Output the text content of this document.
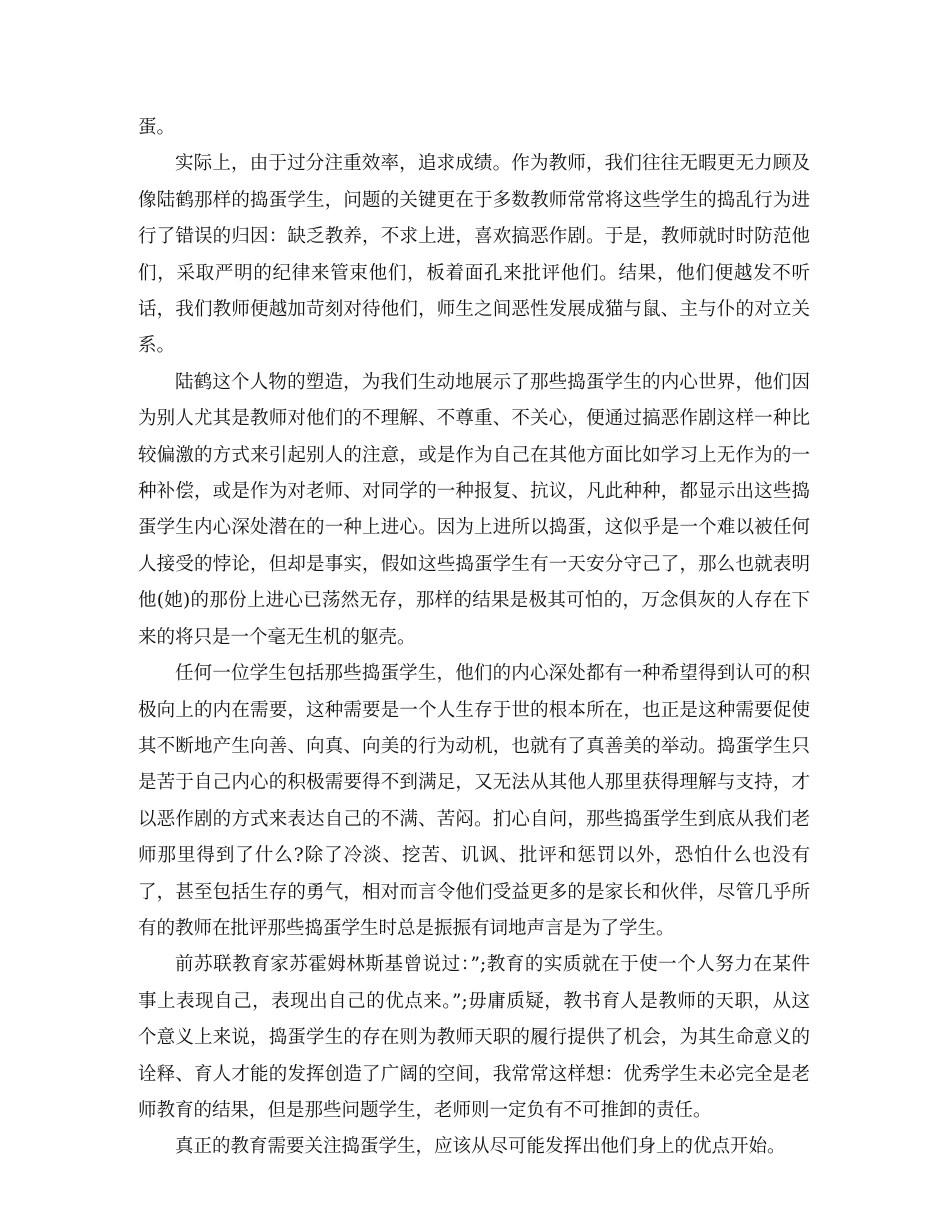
蛋。

实际上，由于过分注重效率，追求成绩。作为教师，我们往往无暇更无力顾及像陆鹤那样的捣蛋学生，问题的关键更在于多数教师常常将这些学生的捣乱行为进行了错误的归因：缺乏教养，不求上进，喜欢搞恶作剧。于是，教师就时时防范他们，采取严明的纪律来管束他们，板着面孔来批评他们。结果，他们便越发不听话，我们教师便越加苛刻对待他们，师生之间恶性发展成猫与鼠、主与仆的对立关系。

陆鹤这个人物的塑造，为我们生动地展示了那些捣蛋学生的内心世界，他们因为别人尤其是教师对他们的不理解、不尊重、不关心，便通过搞恶作剧这样一种比较偏激的方式来引起别人的注意，或是作为自己在其他方面比如学习上无作为的一种补偿，或是作为对老师、对同学的一种报复、抗议，凡此种种，都显示出这些捣蛋学生内心深处潜在的一种上进心。因为上进所以捣蛋，这似乎是一个难以被任何人接受的悖论，但却是事实，假如这些捣蛋学生有一天安分守己了，那么也就表明他(她)的那份上进心已荡然无存，那样的结果是极其可怕的，万念俱灰的人存在下来的将只是一个毫无生机的躯壳。

任何一位学生包括那些捣蛋学生，他们的内心深处都有一种希望得到认可的积极向上的内在需要，这种需要是一个人生存于世的根本所在，也正是这种需要促使其不断地产生向善、向真、向美的行为动机，也就有了真善美的举动。捣蛋学生只是苦于自己内心的积极需要得不到满足，又无法从其他人那里获得理解与支持，才以恶作剧的方式来表达自己的不满、苦闷。扪心自问，那些捣蛋学生到底从我们老师那里得到了什么?除了冷淡、挖苦、讥讽、批评和惩罚以外，恐怕什么也没有了，甚至包括生存的勇气，相对而言令他们受益更多的是家长和伙伴，尽管几乎所有的教师在批评那些捣蛋学生时总是振振有词地声言是为了学生。

前苏联教育家苏霍姆林斯基曾说过：”;教育的实质就在于使一个人努力在某件事上表现自己，表现出自己的优点来。”;毋庸质疑，教书育人是教师的天职，从这个意义上来说，捣蛋学生的存在则为教师天职的履行提供了机会，为其生命意义的诠释、育人才能的发挥创造了广阔的空间，我常常这样想：优秀学生未必完全是老师教育的结果，但是那些问题学生，老师则一定负有不可推卸的责任。

真正的教育需要关注捣蛋学生，应该从尽可能发挥出他们身上的优点开始。
